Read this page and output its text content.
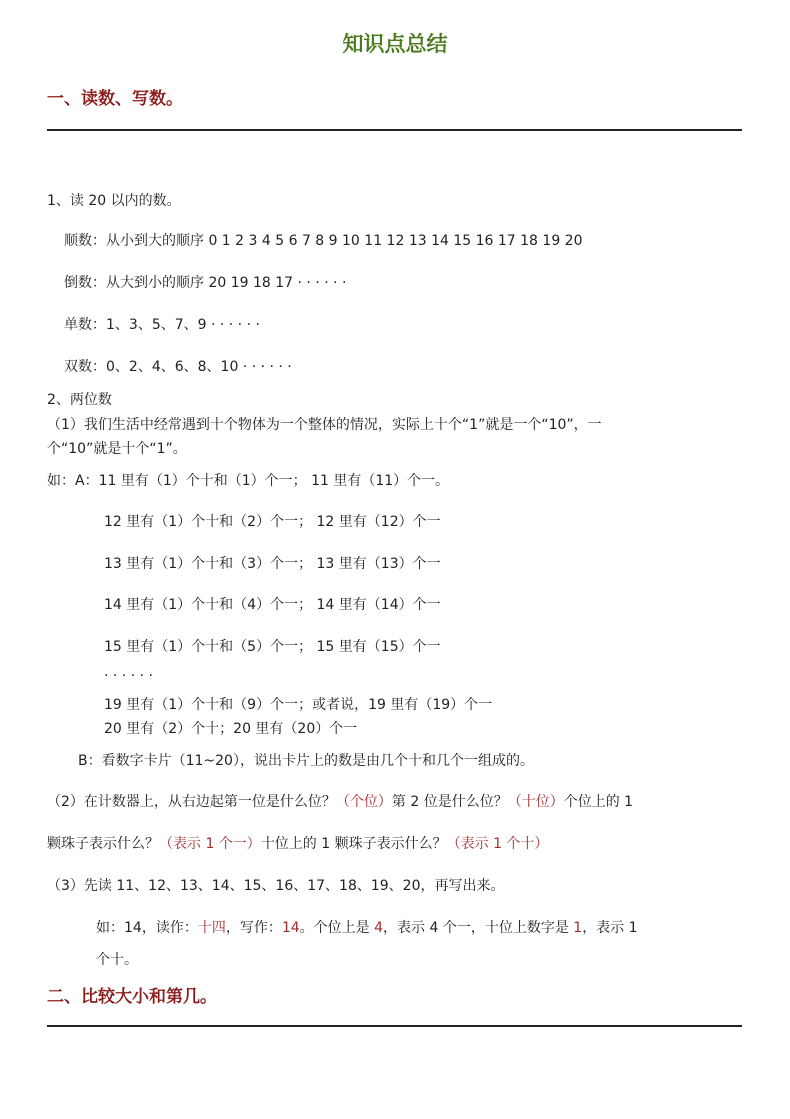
知识点总结
一、读数、写数。
1、读 20 以内的数。
顺数：从小到大的顺序 0 1 2 3 4 5 6 7 8 9 10 11 12 13 14 15 16 17 18 19 20
倒数：从大到小的顺序 20 19 18 17 · · · · · ·
单数：1、3、5、7、9 · · · · · ·
双数：0、2、4、6、8、10 · · · · · ·
2、两位数
（1）我们生活中经常遇到十个物体为一个整体的情况，实际上十个“1”就是一个“10”，一
个“10”就是十个“1”。
如：A：11 里有（1）个十和（1）个一； 11 里有（11）个一。
12 里有（1）个十和（2）个一； 12 里有（12）个一
13 里有（1）个十和（3）个一； 13 里有（13）个一
14 里有（1）个十和（4）个一； 14 里有（14）个一
15 里有（1）个十和（5）个一； 15 里有（15）个一
· · · · · ·
19 里有（1）个十和（9）个一；或者说，19 里有（19）个一
20 里有（2）个十；20 里有（20）个一
B：看数字卡片（11~20），说出卡片上的数是由几个十和几个一组成的。
（2）在计数器上，从右边起第一位是什么位？（个位）第 2 位是什么位？（十位）个位上的 1
颗珠子表示什么？（表示 1 个一）十位上的 1 颗珠子表示什么？（表示 1 个十）
（3）先读 11、12、13、14、15、16、17、18、19、20，再写出来。
如：14，读作：十四，写作：14。个位上是 4，表示 4 个一，十位上数字是 1，表示 1
个十。
二、比较大小和第几。
